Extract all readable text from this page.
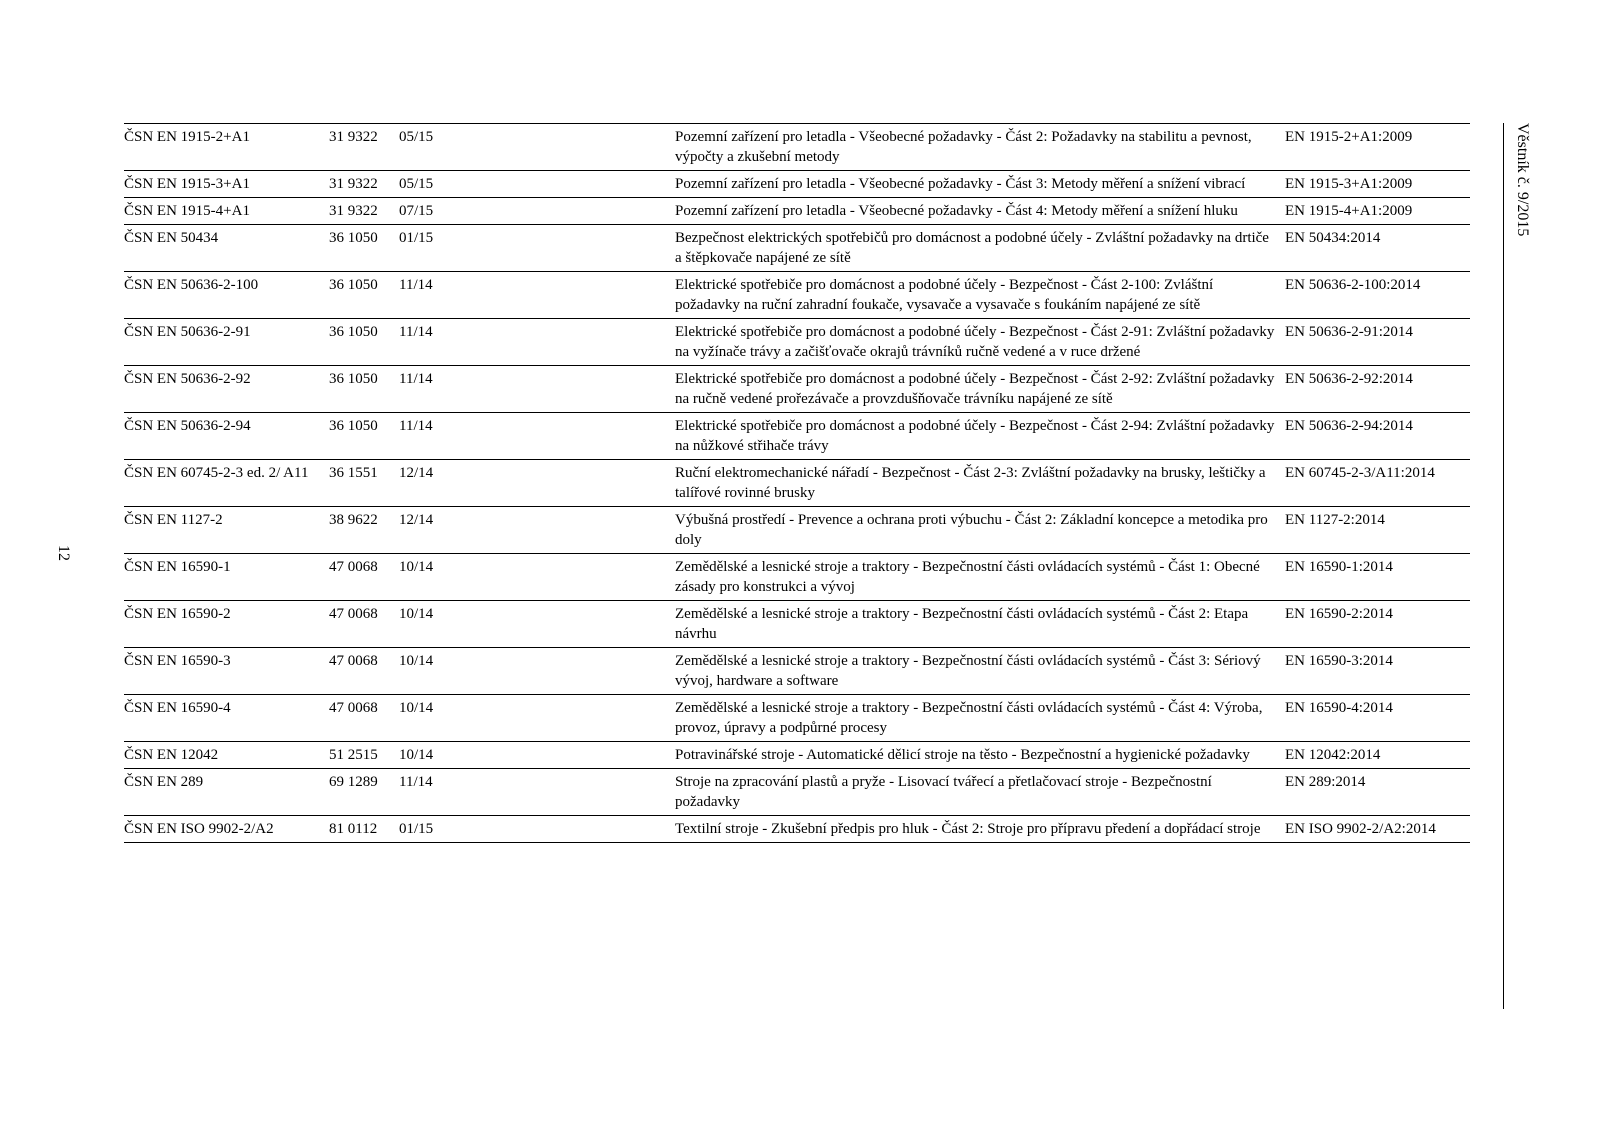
12
Věstník č. 9/2015
ČSN EN 1915-2+A1	31 9322	05/15	Pozemní zařízení pro letadla - Všeobecné požadavky - Část 2: Požadavky na stabilitu a pevnost, výpočty a zkušební metody	EN 1915-2+A1:2009
ČSN EN 1915-3+A1	31 9322	05/15	Pozemní zařízení pro letadla - Všeobecné požadavky - Část 3: Metody měření a snížení vibrací	EN 1915-3+A1:2009
ČSN EN 1915-4+A1	31 9322	07/15	Pozemní zařízení pro letadla - Všeobecné požadavky - Část 4: Metody měření a snížení hluku	EN 1915-4+A1:2009
ČSN EN 50434	36 1050	01/15	Bezpečnost elektrických spotřebičů pro domácnost a podobné účely - Zvláštní požadavky na drtiče a štěpkovače napájené ze sítě	EN 50434:2014
ČSN EN 50636-2-100	36 1050	11/14	Elektrické spotřebiče pro domácnost a podobné účely - Bezpečnost - Část 2-100: Zvláštní požadavky na ruční zahradní foukače, vysavače a vysavače s foukáním napájené ze sítě	EN 50636-2-100:2014
ČSN EN 50636-2-91	36 1050	11/14	Elektrické spotřebiče pro domácnost a podobné účely - Bezpečnost - Část 2-91: Zvláštní požadavky na vyžínače trávy a začišťovače okrajů trávníků ručně vedené a v ruce držené	EN 50636-2-91:2014
ČSN EN 50636-2-92	36 1050	11/14	Elektrické spotřebiče pro domácnost a podobné účely - Bezpečnost - Část 2-92: Zvláštní požadavky na ručně vedené prořezávače a provzdušňovače trávníku napájené ze sítě	EN 50636-2-92:2014
ČSN EN 50636-2-94	36 1050	11/14	Elektrické spotřebiče pro domácnost a podobné účely - Bezpečnost - Část 2-94: Zvláštní požadavky na nůžkové střihače trávy	EN 50636-2-94:2014
ČSN EN 60745-2-3 ed. 2/ A11	36 1551	12/14	Ruční elektromechanické nářadí - Bezpečnost - Část 2-3: Zvláštní požadavky na brusky, leštičky a talířové rovinné brusky	EN 60745-2-3/A11:2014
ČSN EN 1127-2	38 9622	12/14	Výbušná prostředí - Prevence a ochrana proti výbuchu - Část 2: Základní koncepce a metodika pro doly	EN 1127-2:2014
ČSN EN 16590-1	47 0068	10/14	Zemědělské a lesnické stroje a traktory - Bezpečnostní části ovládacích systémů - Část 1: Obecné zásady pro konstrukci a vývoj	EN 16590-1:2014
ČSN EN 16590-2	47 0068	10/14	Zemědělské a lesnické stroje a traktory - Bezpečnostní části ovládacích systémů - Část 2: Etapa návrhu	EN 16590-2:2014
ČSN EN 16590-3	47 0068	10/14	Zemědělské a lesnické stroje a traktory - Bezpečnostní části ovládacích systémů - Část 3: Sériový vývoj, hardware a software	EN 16590-3:2014
ČSN EN 16590-4	47 0068	10/14	Zemědělské a lesnické stroje a traktory - Bezpečnostní části ovládacích systémů - Část 4: Výroba, provoz, úpravy a podpůrné procesy	EN 16590-4:2014
ČSN EN 12042	51 2515	10/14	Potravinářské stroje - Automatické dělicí stroje na těsto - Bezpečnostní a hygienické požadavky	EN 12042:2014
ČSN EN 289	69 1289	11/14	Stroje na zpracování plastů a pryže - Lisovací tvářecí a přetlačovací stroje - Bezpečnostní požadavky	EN 289:2014
ČSN EN ISO 9902-2/A2	81 0112	01/15	Textilní stroje - Zkušební předpis pro hluk - Část 2: Stroje pro přípravu předení a dopřádací stroje	EN ISO 9902-2/A2:2014
